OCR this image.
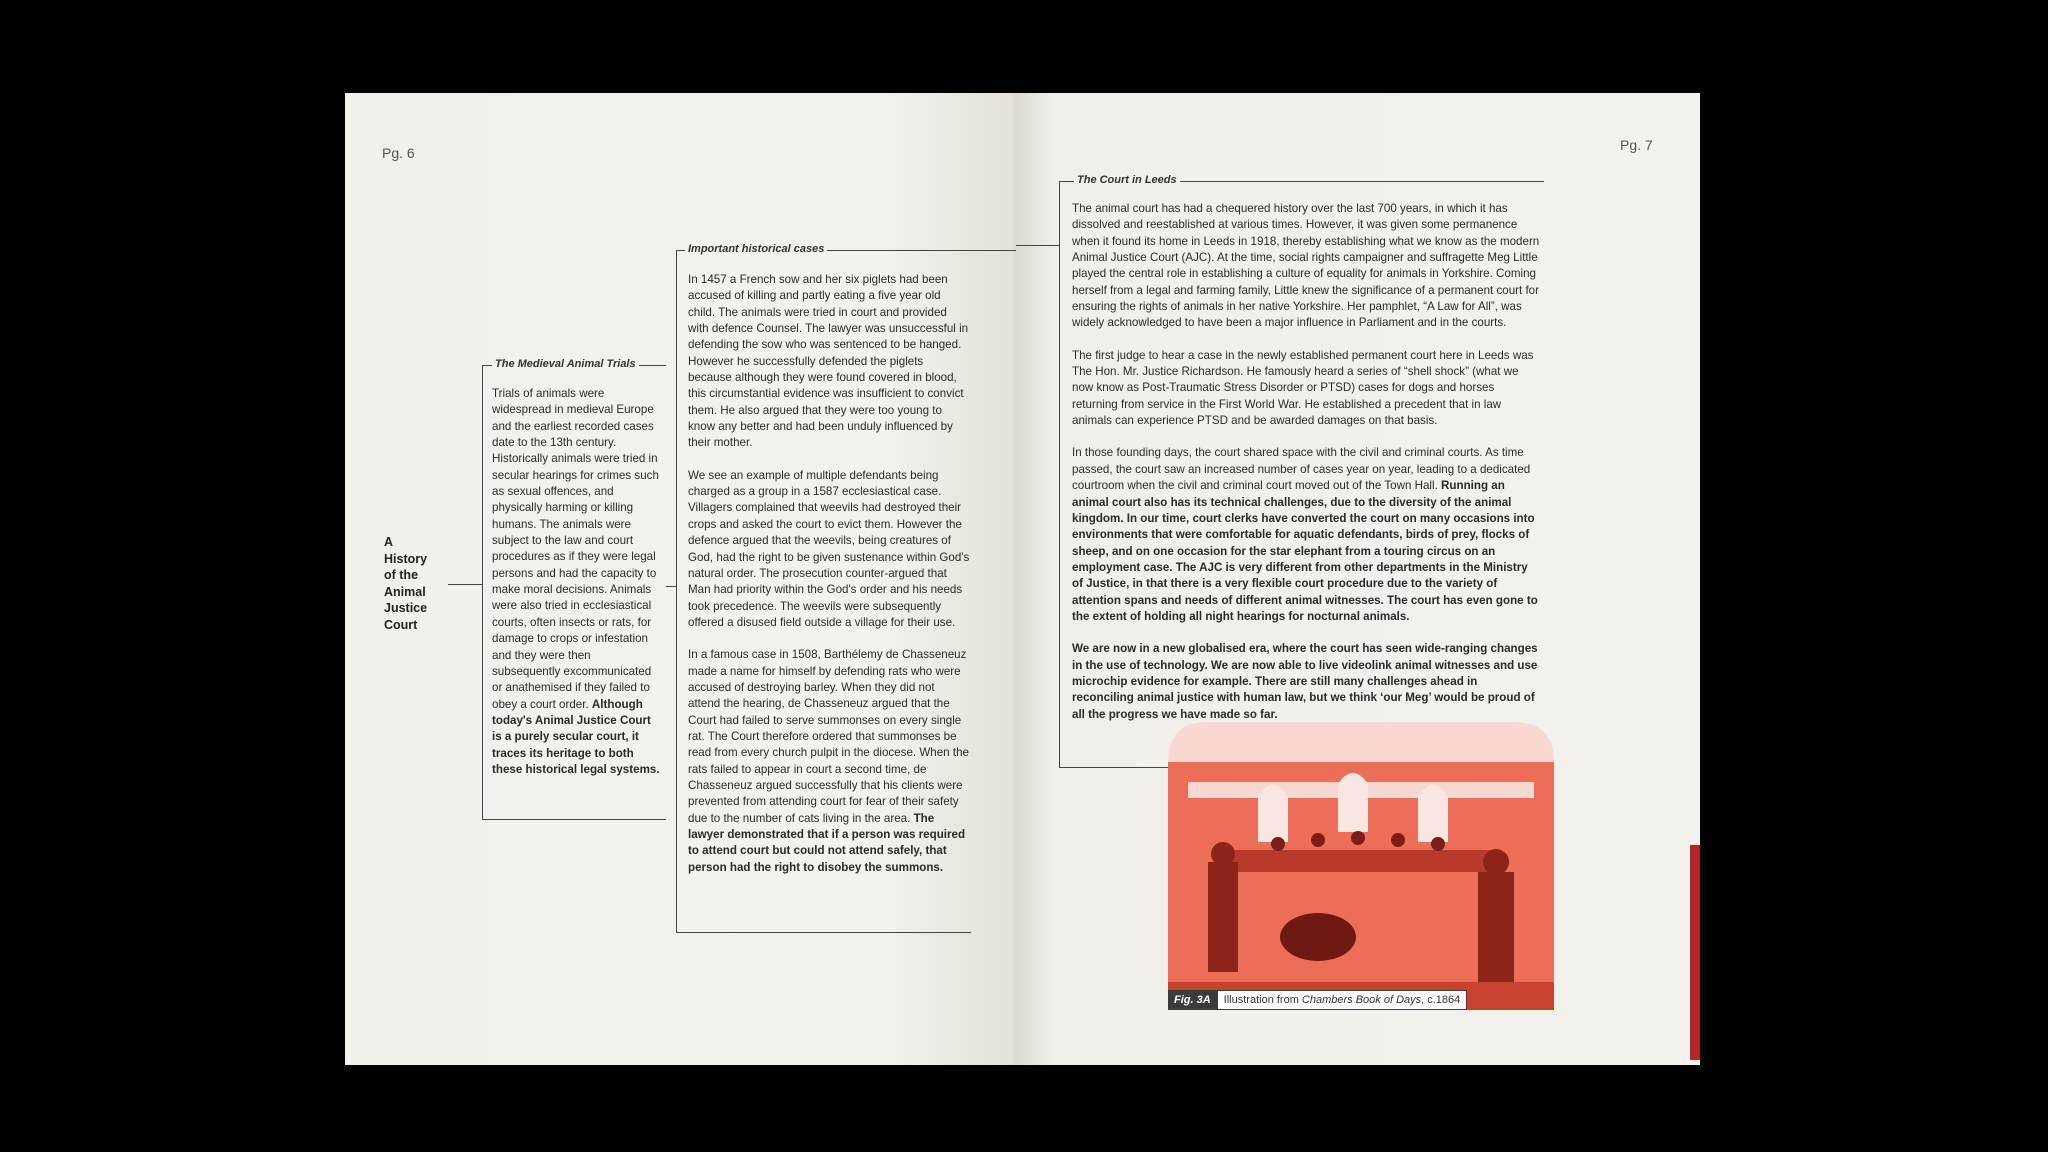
Pg. 6	Pg. 7
A
History
of the
Animal
Justice
Court
The Medieval Animal Trials
Important historical cases
The Court in Leeds
Trials of animals were widespread in medieval Europe and the earliest recorded cases date to the 13th century. Historically animals were tried in secular hearings for crimes such as sexual offences, and physically harming or killing humans. The animals were subject to the law and court procedures as if they were legal persons and had the capacity to make moral decisions. Animals were also tried in ecclesiastical courts, often insects or rats, for damage to crops or infestation and they were then subsequently excommunicated or anathemised if they failed to obey a court order. Although today's Animal Justice Court is a purely secular court, it traces its heritage to both these historical legal systems.

In 1457 a French sow and her six piglets had been accused of killing and partly eating a five year old child. The animals were tried in court and provided with defence Counsel. The lawyer was unsuccessful in defending the sow who was sentenced to be hanged. However he successfully defended the piglets because although they were found covered in blood, this circumstantial evidence was insufficient to convict them. He also argued that they were too young to know any better and had been unduly influenced by their mother.

We see an example of multiple defendants being charged as a group in a 1587 ecclesiastical case. Villagers complained that weevils had destroyed their crops and asked the court to evict them. However the defence argued that the weevils, being creatures of God, had the right to be given sustenance within God's natural order. The prosecution counter-argued that Man had priority within the God's order and his needs took precedence. The weevils were subsequently offered a disused field outside a village for their use.

In a famous case in 1508, Barthélemy de Chasseneuz made a name for himself by defending rats who were accused of destroying barley. When they did not attend the hearing, de Chasseneuz argued that the Court had failed to serve summonses on every single rat. The Court therefore ordered that summonses be read from every church pulpit in the diocese. When the rats failed to appear in court a second time, de Chasseneuz argued successfully that his clients were prevented from attending court for fear of their safety due to the number of cats living in the area. The lawyer demonstrated that if a person was required to attend court but could not attend safely, that person had the right to disobey the summons.

The animal court has had a chequered history over the last 700 years, in which it has dissolved and reestablished at various times. However, it was given some permanence when it found its home in Leeds in 1918, thereby establishing what we know as the modern Animal Justice Court (AJC). At the time, social rights campaigner and suffragette Meg Little played the central role in establishing a culture of equality for animals in Yorkshire. Coming herself from a legal and farming family, Little knew the significance of a permanent court for ensuring the rights of animals in her native Yorkshire. Her pamphlet, “A Law for All”, was widely acknowledged to have been a major influence in Parliament and in the courts.

The first judge to hear a case in the newly established permanent court here in Leeds was The Hon. Mr. Justice Richardson. He famously heard a series of “shell shock” (what we now know as Post-Traumatic Stress Disorder or PTSD) cases for dogs and horses returning from service in the First World War. He established a precedent that in law animals can experience PTSD and be awarded damages on that basis.

In those founding days, the court shared space with the civil and criminal courts. As time passed, the court saw an increased number of cases year on year, leading to a dedicated courtroom when the civil and criminal court moved out of the Town Hall. Running an animal court also has its technical challenges, due to the diversity of the animal kingdom. In our time, court clerks have converted the court on many occasions into environments that were comfortable for aquatic defendants, birds of prey, flocks of sheep, and on one occasion for the star elephant from a touring circus on an employment case. The AJC is very different from other departments in the Ministry of Justice, in that there is a very flexible court procedure due to the variety of attention spans and needs of different animal witnesses. The court has even gone to the extent of holding all night hearings for nocturnal animals.

We are now in a new globalised era, where the court has seen wide-ranging changes in the use of technology. We are now able to live videolink animal witnesses and use microchip evidence for example. There are still many challenges ahead in reconciling animal justice with human law, but we think ‘our Meg’ would be proud of all the progress we have made so far.

Fig. 3A	Illustration from Chambers Book of Days, c.1864
